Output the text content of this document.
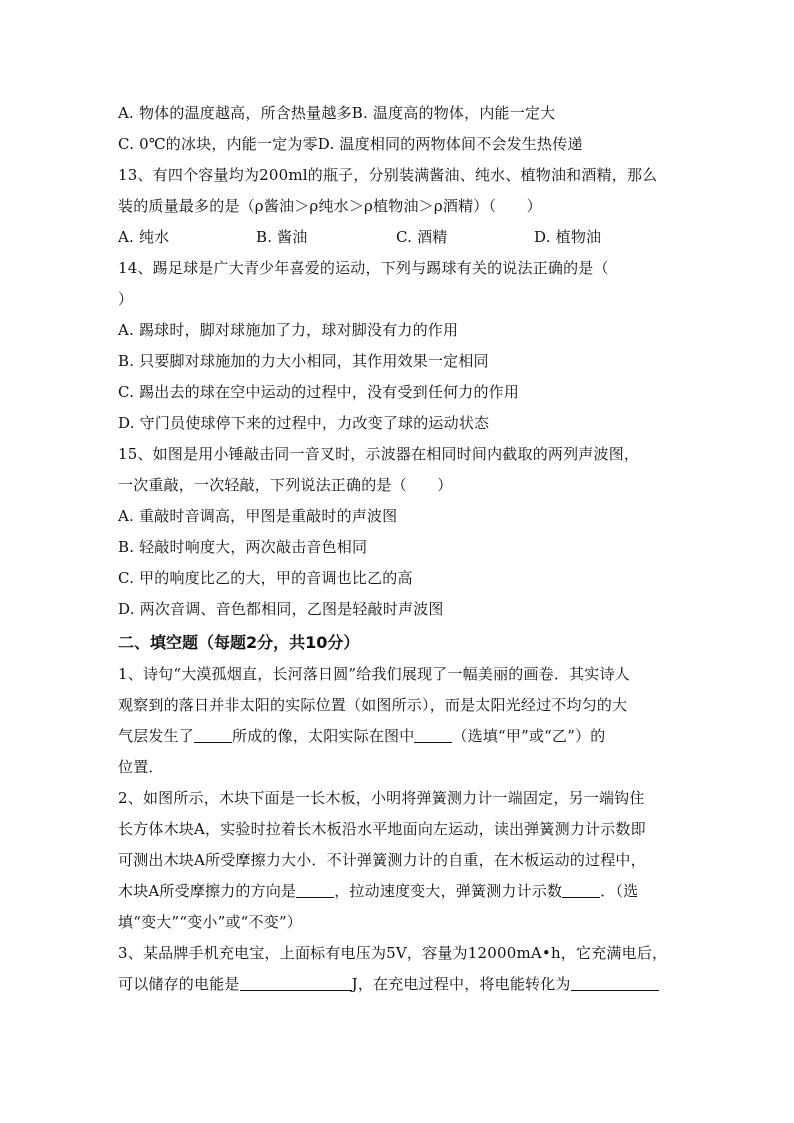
A. 物体的温度越高，所含热量越多B. 温度高的物体，内能一定大
C. 0℃的冰块，内能一定为零D. 温度相同的两物体间不会发生热传递
13、有四个容量均为200ml的瓶子，分别装满酱油、纯水、植物油和酒精，那么
装的质量最多的是（ρ酱油＞ρ纯水＞ρ植物油＞ρ酒精）（　　）
A. 纯水	B. 酱油	C. 酒精	D. 植物油
14、踢足球是广大青少年喜爱的运动，下列与踢球有关的说法正确的是（
）
A. 踢球时，脚对球施加了力，球对脚没有力的作用
B. 只要脚对球施加的力大小相同，其作用效果一定相同
C. 踢出去的球在空中运动的过程中，没有受到任何力的作用
D. 守门员使球停下来的过程中，力改变了球的运动状态
15、如图是用小锤敲击同一音叉时，示波器在相同时间内截取的两列声波图，
一次重敲，一次轻敲，下列说法正确的是（　　）
A. 重敲时音调高，甲图是重敲时的声波图
B. 轻敲时响度大，两次敲击音色相同
C. 甲的响度比乙的大，甲的音调也比乙的高
D. 两次音调、音色都相同，乙图是轻敲时声波图
二、填空题（每题2分，共10分）
1、诗句“大漠孤烟直，长河落日圆”给我们展现了一幅美丽的画卷．其实诗人
观察到的落日并非太阳的实际位置（如图所示），而是太阳光经过不均匀的大
气层发生了	所成的像，太阳实际在图中	（选填“甲”或“乙”）的
位置．
2、如图所示，木块下面是一长木板，小明将弹簧测力计一端固定，另一端钩住
长方体木块A，实验时拉着长木板沿水平地面向左运动，读出弹簧测力计示数即
可测出木块A所受摩擦力大小．不计弹簧测力计的自重，在木板运动的过程中，
木块A所受摩擦力的方向是	，拉动速度变大，弹簧测力计示数	．（选
填“变大”“变小”或“不变”）
3、某品牌手机充电宝，上面标有电压为5V，容量为12000mA•h，它充满电后，
可以储存的电能是	J，在充电过程中，将电能转化为
